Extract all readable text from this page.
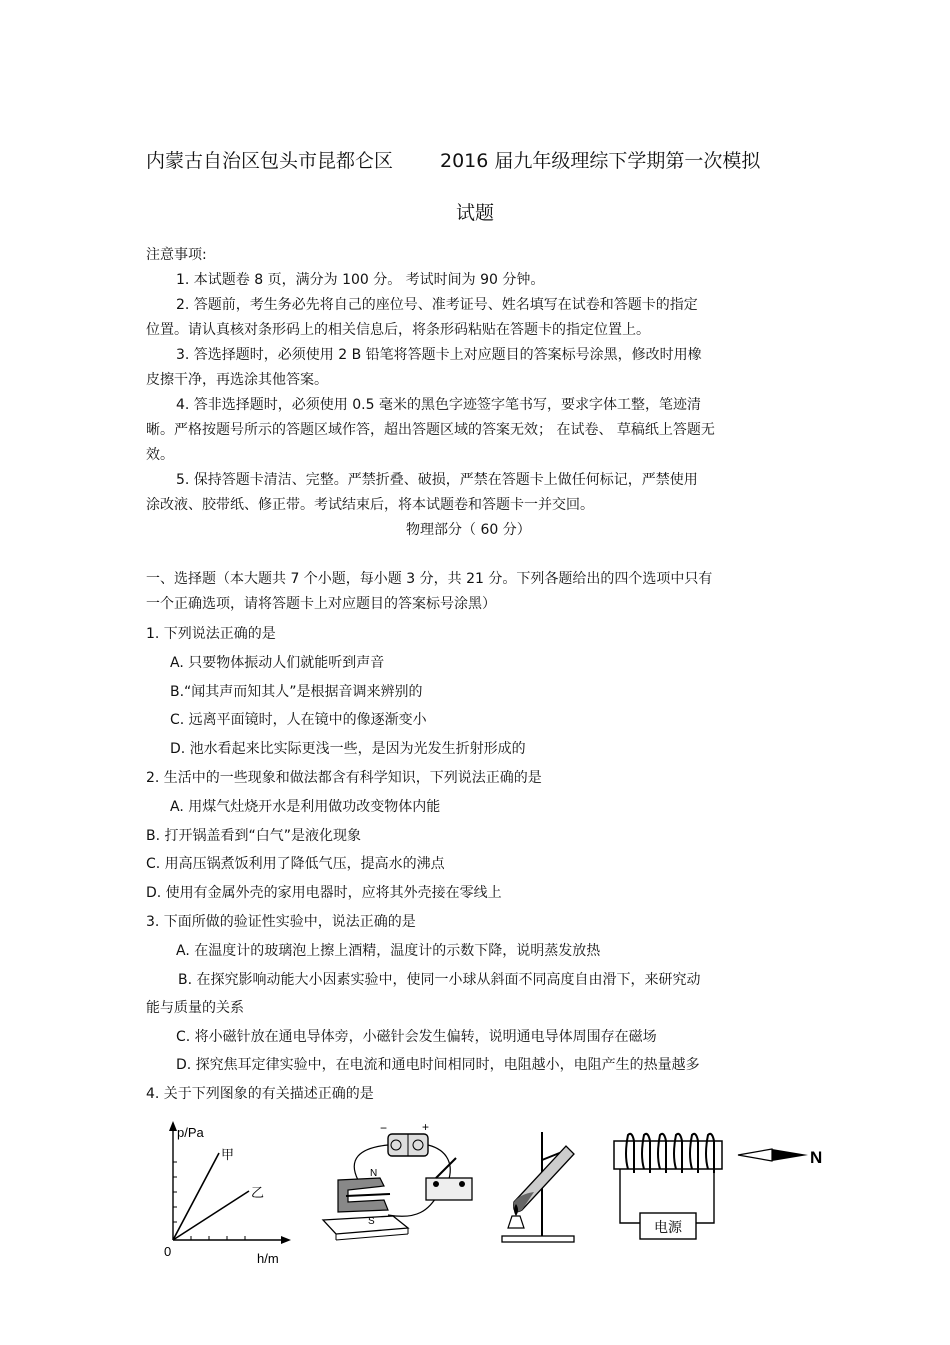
内蒙古自治区包头市昆都仑区 2016 届九年级理综下学期第一次模拟
试题
注意事项:
1. 本试题卷 8 页，满分为 100 分。 考试时间为 90 分钟。
2. 答题前，考生务必先将自己的座位号、准考证号、姓名填写在试卷和答题卡的指定
位置。请认真核对条形码上的相关信息后，将条形码粘贴在答题卡的指定位置上。
3. 答选择题时，必须使用 2 B 铅笔将答题卡上对应题目的答案标号涂黑，修改时用橡
皮擦干净，再选涂其他答案。
4. 答非选择题时，必须使用 0.5 毫米的黑色字迹签字笔书写，要求字体工整，笔迹清
晰。严格按题号所示的答题区域作答，超出答题区域的答案无效； 在试卷、 草稿纸上答题无
效。
5. 保持答题卡清洁、完整。严禁折叠、破损，严禁在答题卡上做任何标记，严禁使用
涂改液、胶带纸、修正带。考试结束后，将本试题卷和答题卡一并交回。
物理部分（ 60 分）
一、选择题（本大题共 7 个小题，每小题 3 分，共 21 分。下列各题给出的四个选项中只有
一个正确选项，请将答题卡上对应题目的答案标号涂黑）
1. 下列说法正确的是
A. 只要物体振动人们就能听到声音
B.“闻其声而知其人”是根据音调来辨别的
C. 远离平面镜时，人在镜中的像逐渐变小
D. 池水看起来比实际更浅一些，是因为光发生折射形成的
2. 生活中的一些现象和做法都含有科学知识，下列说法正确的是
A. 用煤气灶烧开水是利用做功改变物体内能
B. 打开锅盖看到“白气”是液化现象
C. 用高压锅煮饭利用了降低气压，提高水的沸点
D. 使用有金属外壳的家用电器时，应将其外壳接在零线上
3. 下面所做的验证性实验中，说法正确的是
A. 在温度计的玻璃泡上擦上酒精，温度计的示数下降，说明蒸发放热
B. 在探究影响动能大小因素实验中，使同一小球从斜面不同高度自由滑下，来研究动
能与质量的关系
C. 将小磁针放在通电导体旁，小磁针会发生偏转，说明通电导体周围存在磁场
D. 探究焦耳定律实验中，在电流和通电时间相同时，电阻越小，电阻产生的热量越多
4. 关于下列图象的有关描述正确的是
p/Pa
h/m
0
甲
乙
−	+
N
S	电源
N
